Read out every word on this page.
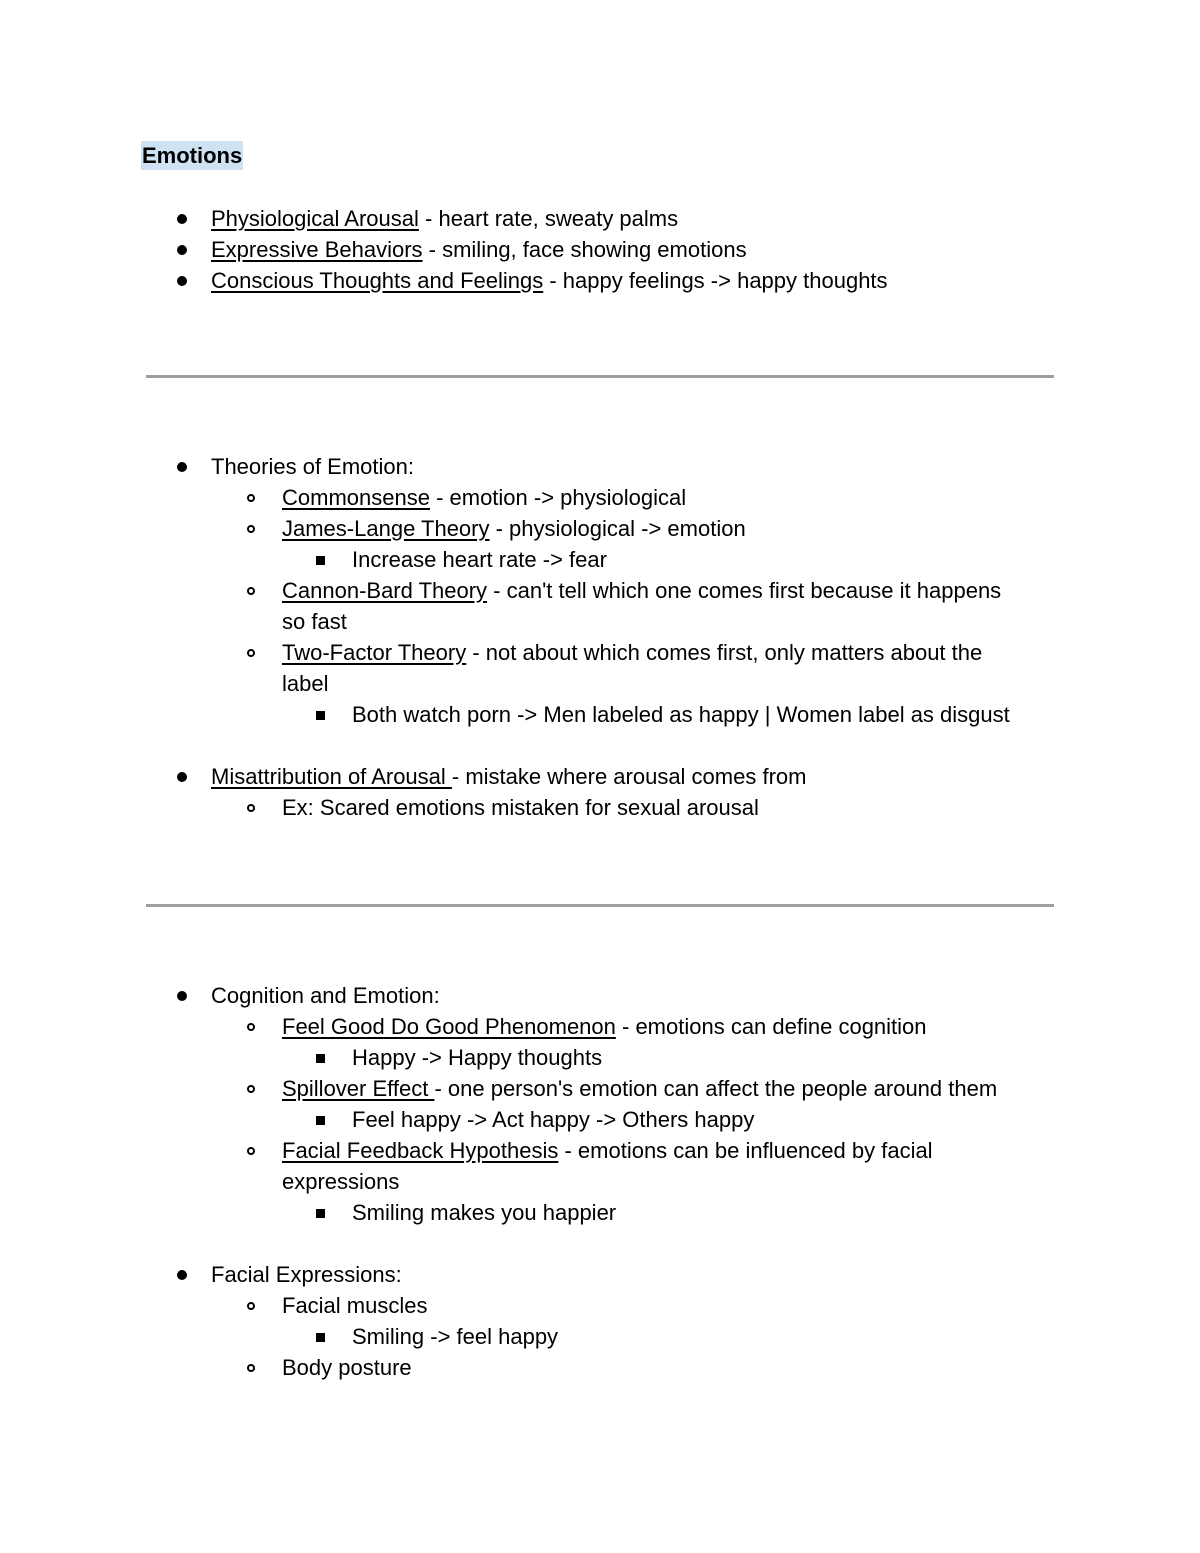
Emotions
Physiological Arousal - heart rate, sweaty palms
Expressive Behaviors - smiling, face showing emotions
Conscious Thoughts and Feelings - happy feelings -> happy thoughts
Theories of Emotion:
Commonsense - emotion -> physiological
James-Lange Theory - physiological -> emotion
Increase heart rate -> fear
Cannon-Bard Theory - can't tell which one comes first because it happens
so fast
Two-Factor Theory - not about which comes first, only matters about the
label
Both watch porn -> Men labeled as happy | Women label as disgust
Misattribution of Arousal - mistake where arousal comes from
Ex: Scared emotions mistaken for sexual arousal
Cognition and Emotion:
Feel Good Do Good Phenomenon - emotions can define cognition
Happy -> Happy thoughts
Spillover Effect - one person's emotion can affect the people around them
Feel happy -> Act happy -> Others happy
Facial Feedback Hypothesis - emotions can be influenced by facial
expressions
Smiling makes you happier
Facial Expressions:
Facial muscles
Smiling -> feel happy
Body posture
